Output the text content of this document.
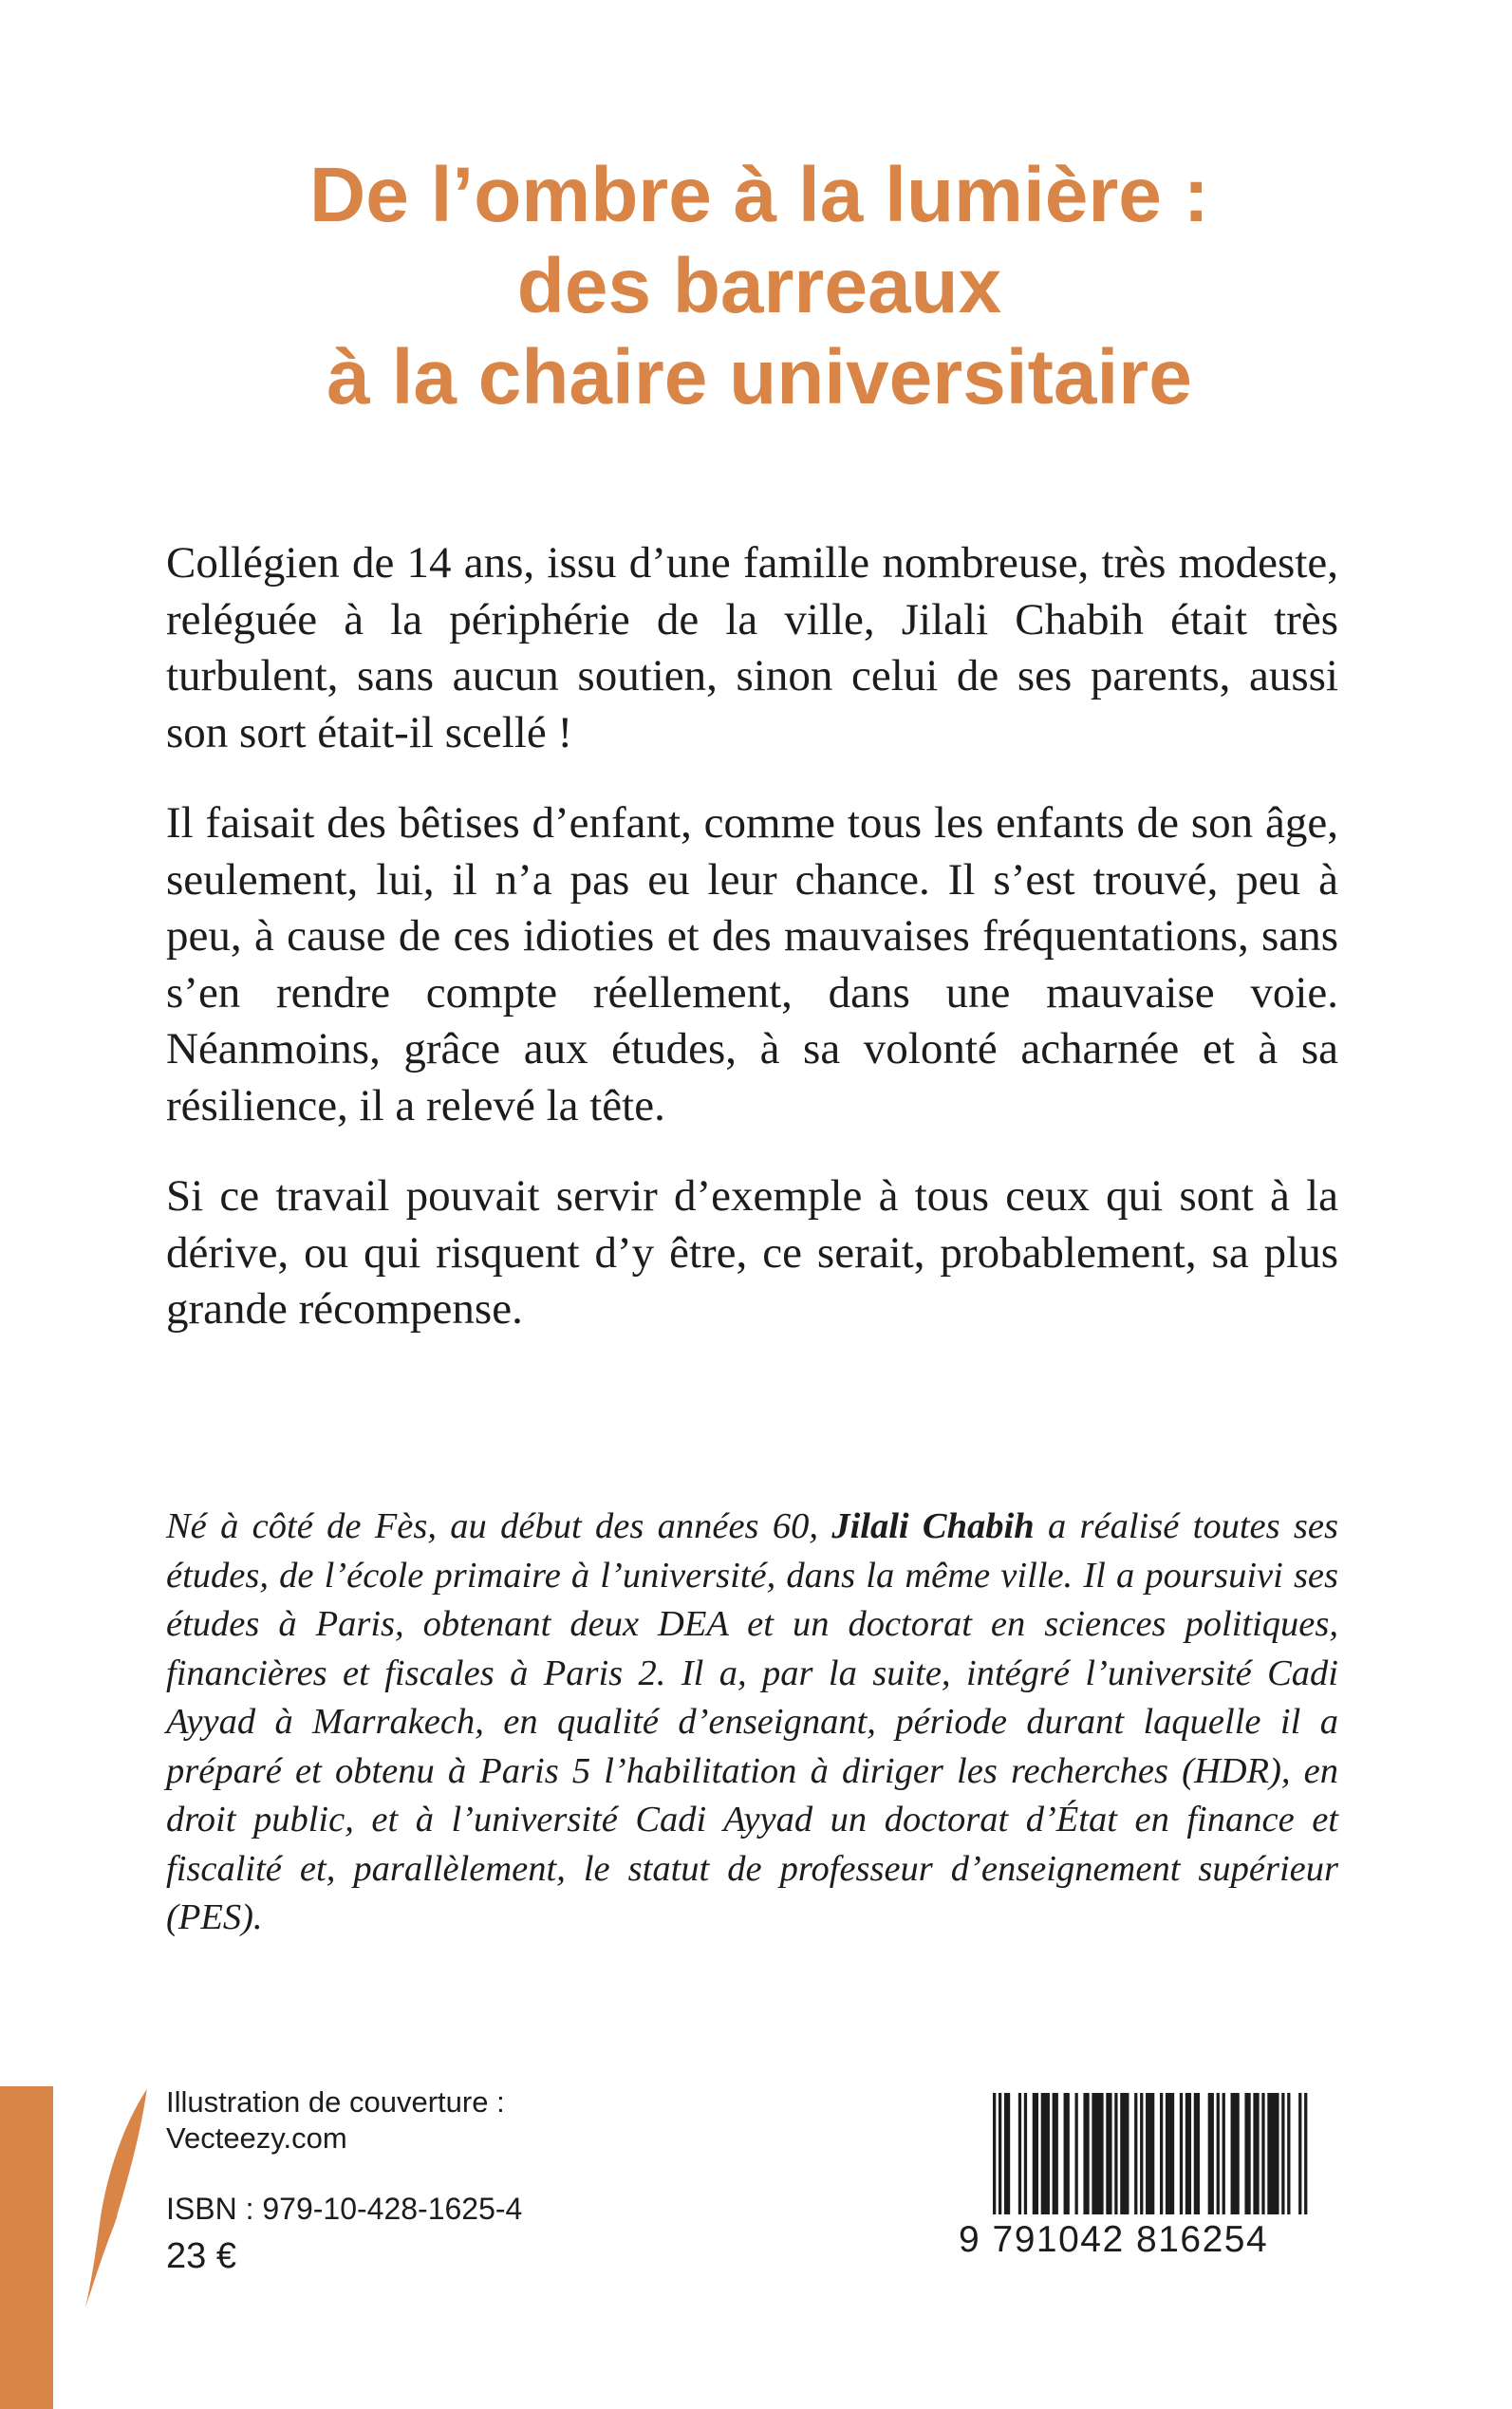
De l’ombre à la lumière :
des barreaux
à la chaire universitaire

Collégien de 14 ans, issu d’une famille nombreuse, très modeste, reléguée à la périphérie de la ville, Jilali Chabih était très turbulent, sans aucun soutien, sinon celui de ses parents, aussi son sort était-il scellé !

Il faisait des bêtises d’enfant, comme tous les enfants de son âge, seulement, lui, il n’a pas eu leur chance. Il s’est trouvé, peu à peu, à cause de ces idioties et des mauvaises fréquentations, sans s’en rendre compte réellement, dans une mauvaise voie. Néanmoins, grâce aux études, à sa volonté acharnée et à sa résilience, il a relevé la tête.

Si ce travail pouvait servir d’exemple à tous ceux qui sont à la dérive, ou qui risquent d’y être, ce serait, probablement, sa plus grande récompense.

Né à côté de Fès, au début des années 60, Jilali Chabih a réalisé toutes ses études, de l’école primaire à l’université, dans la même ville. Il a poursuivi ses études à Paris, obtenant deux DEA et un doctorat en sciences politiques, financières et fiscales à Paris 2. Il a, par la suite, intégré l’université Cadi Ayyad à Marrakech, en qualité d’enseignant, période durant laquelle il a préparé et obtenu à Paris 5 l’habilitation à diriger les recherches (HDR), en droit public, et à l’université Cadi Ayyad un doctorat d’État en finance et fiscalité et, parallèlement, le statut de professeur d’enseignement supérieur (PES).
Illustration de couverture :
Vecteezy.com
ISBN : 979-10-428-1625-4
23 €	9 791042 816254
